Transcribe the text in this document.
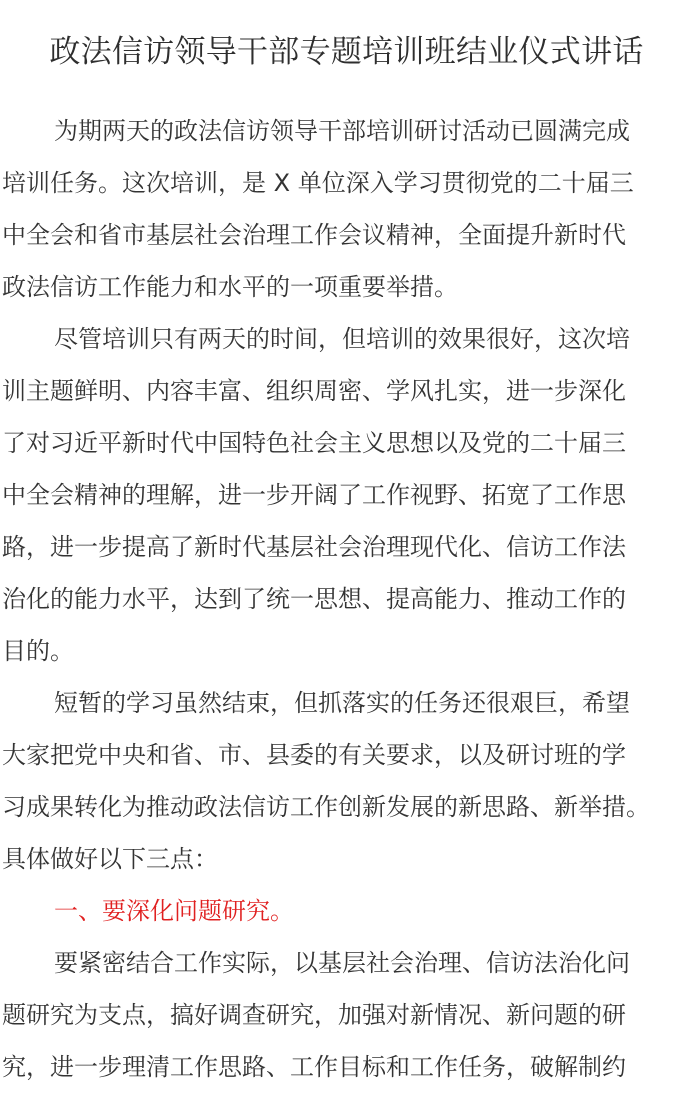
政法信访领导干部专题培训班结业仪式讲话
为期两天的政法信访领导干部培训研讨活动已圆满完成
培训任务。这次培训，是 X 单位深入学习贯彻党的二十届三
中全会和省市基层社会治理工作会议精神，全面提升新时代
政法信访工作能力和水平的一项重要举措。
尽管培训只有两天的时间，但培训的效果很好，这次培
训主题鲜明、内容丰富、组织周密、学风扎实，进一步深化
了对习近平新时代中国特色社会主义思想以及党的二十届三
中全会精神的理解，进一步开阔了工作视野、拓宽了工作思
路，进一步提高了新时代基层社会治理现代化、信访工作法
治化的能力水平，达到了统一思想、提高能力、推动工作的
目的。
短暂的学习虽然结束，但抓落实的任务还很艰巨，希望
大家把党中央和省、市、县委的有关要求，以及研讨班的学
习成果转化为推动政法信访工作创新发展的新思路、新举措。
具体做好以下三点：
一、要深化问题研究。
要紧密结合工作实际，以基层社会治理、信访法治化问
题研究为支点，搞好调查研究，加强对新情况、新问题的研
究，进一步理清工作思路、工作目标和工作任务，破解制约
